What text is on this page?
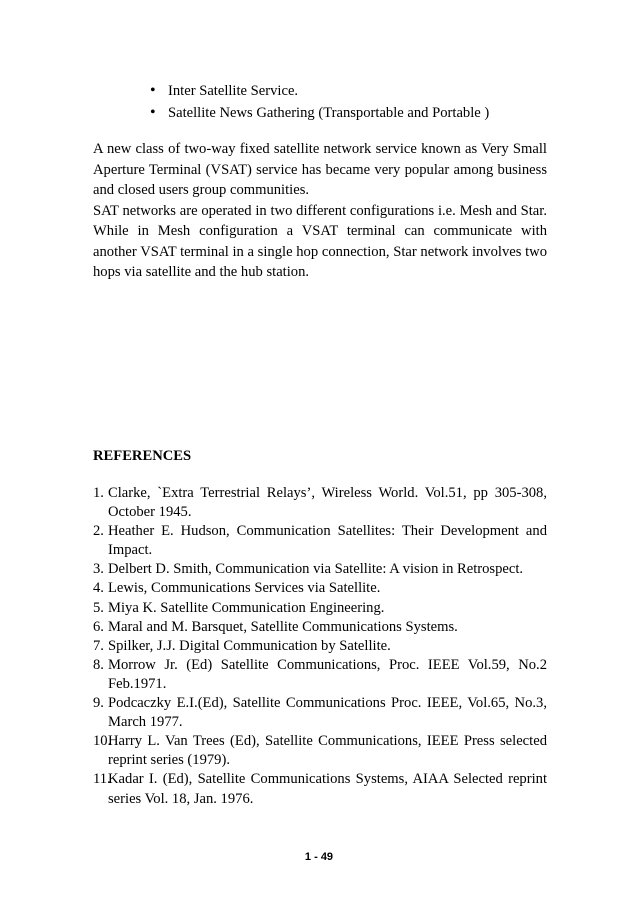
• Inter Satellite Service.
• Satellite News Gathering (Transportable and Portable )

A new class of two-way fixed satellite network service known as Very Small Aperture Terminal (VSAT) service has became very popular among business and closed users group communities.

SAT networks are operated in two different configurations i.e. Mesh and Star. While in Mesh configuration a VSAT terminal can communicate with another VSAT terminal in a single hop connection, Star network involves two hops via satellite and the hub station.

REFERENCES
1. Clarke, `Extra Terrestrial Relays’, Wireless World. Vol.51, pp 305-308, October 1945.
2. Heather E. Hudson, Communication Satellites: Their Development and Impact.
3. Delbert D. Smith, Communication via Satellite: A vision in Retrospect.
4. Lewis, Communications Services via Satellite.
5. Miya K. Satellite Communication Engineering.
6. Maral and M. Barsquet, Satellite Communications Systems.
7. Spilker, J.J. Digital Communication by Satellite.
8. Morrow Jr. (Ed) Satellite Communications, Proc. IEEE Vol.59, No.2 Feb.1971.
9. Podcaczky E.I.(Ed), Satellite Communications Proc. IEEE, Vol.65, No.3, March 1977.
10.
Harry L. Van Trees (Ed), Satellite Communications, IEEE Press selected reprint series (1979).
11.
Kadar I. (Ed), Satellite Communications Systems, AIAA Selected reprint series Vol. 18, Jan. 1976.
1 - 49
